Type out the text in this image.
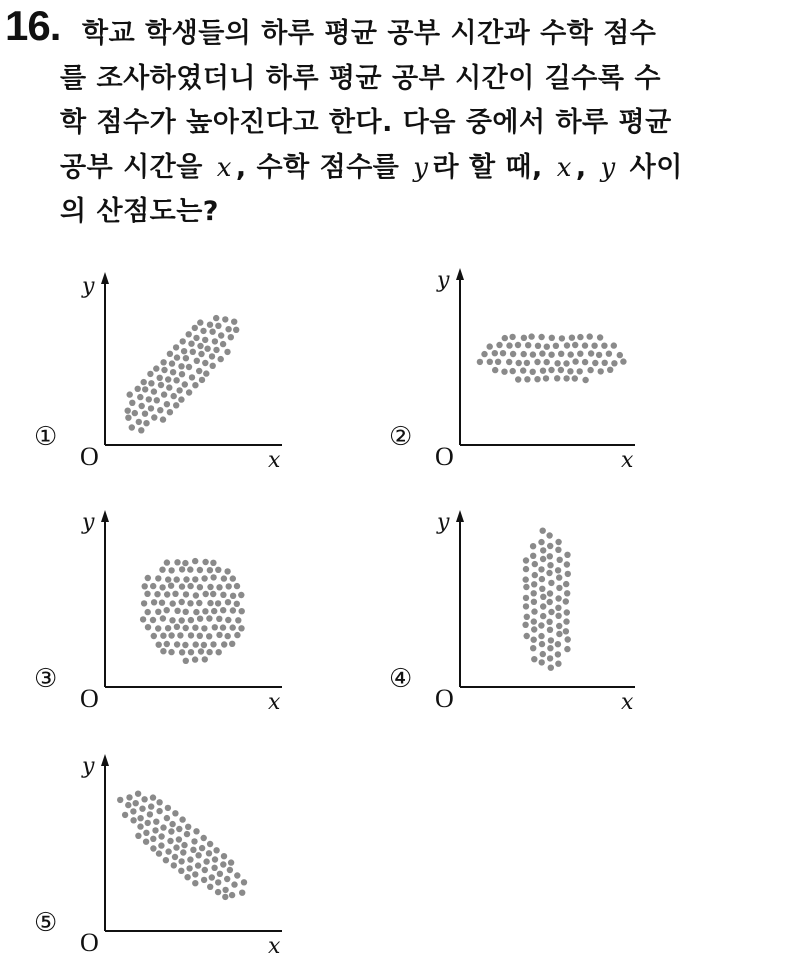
16. 학교 학생들의 하루 평균 공부 시간과 수학 점수
를 조사하였더니 하루 평균 공부 시간이 길수록 수
학 점수가 높아진다고 한다. 다음 중에서 하루 평균
공부 시간을 x , 수학 점수를 y 라 할 때, x , y 사이
의 산점도는?
①
y
O	x
②
y
O	x
③
y
O	x
④
y
O	x
⑤
y
O	x
